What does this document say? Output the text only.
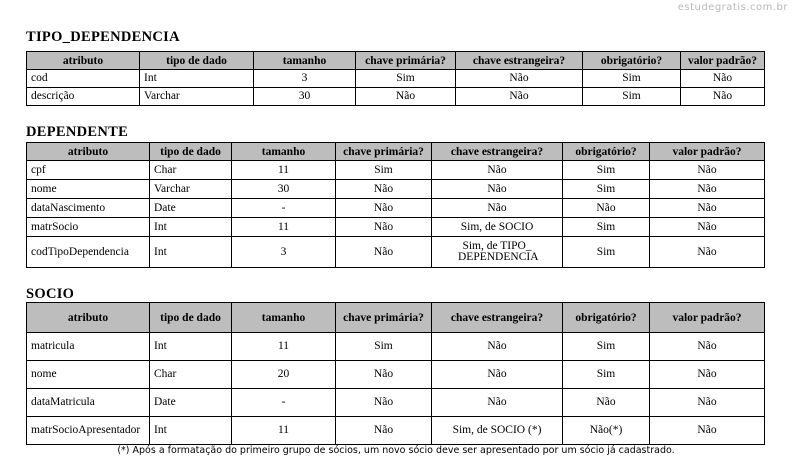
estudegratis.com.br
TIPO_DEPENDENCIA
atributo	tipo de dado	tamanho	chave primária?	chave estrangeira?	obrigatório?	valor padrão?
cod	Int	3	Sim	Não	Sim	Não
descrição	Varchar	30	Não	Não	Sim	Não
DEPENDENTE
atributo	tipo de dado	tamanho	chave primária?	chave estrangeira?	obrigatório?	valor padrão?
cpf	Char	11	Sim	Não	Sim	Não
nome	Varchar	30	Não	Não	Sim	Não
dataNascimento	Date	-	Não	Não	Não	Não
matrSocio	Int	11	Não	Sim, de SOCIO	Sim	Não
codTipoDependencia	Int	3	Não	Sim, de TIPO_ DEPENDENCIA	Sim	Não
SOCIO
atributo	tipo de dado	tamanho	chave primária?	chave estrangeira?	obrigatório?	valor padrão?
matricula	Int	11	Sim	Não	Sim	Não
nome	Char	20	Não	Não	Sim	Não
dataMatricula	Date	-	Não	Não	Não	Não
matrSocioApresentador	Int	11	Não	Sim, de SOCIO (*)	Não(*)	Não
(*) Após a formatação do primeiro grupo de sócios, um novo sócio deve ser apresentado por um sócio já cadastrado.
